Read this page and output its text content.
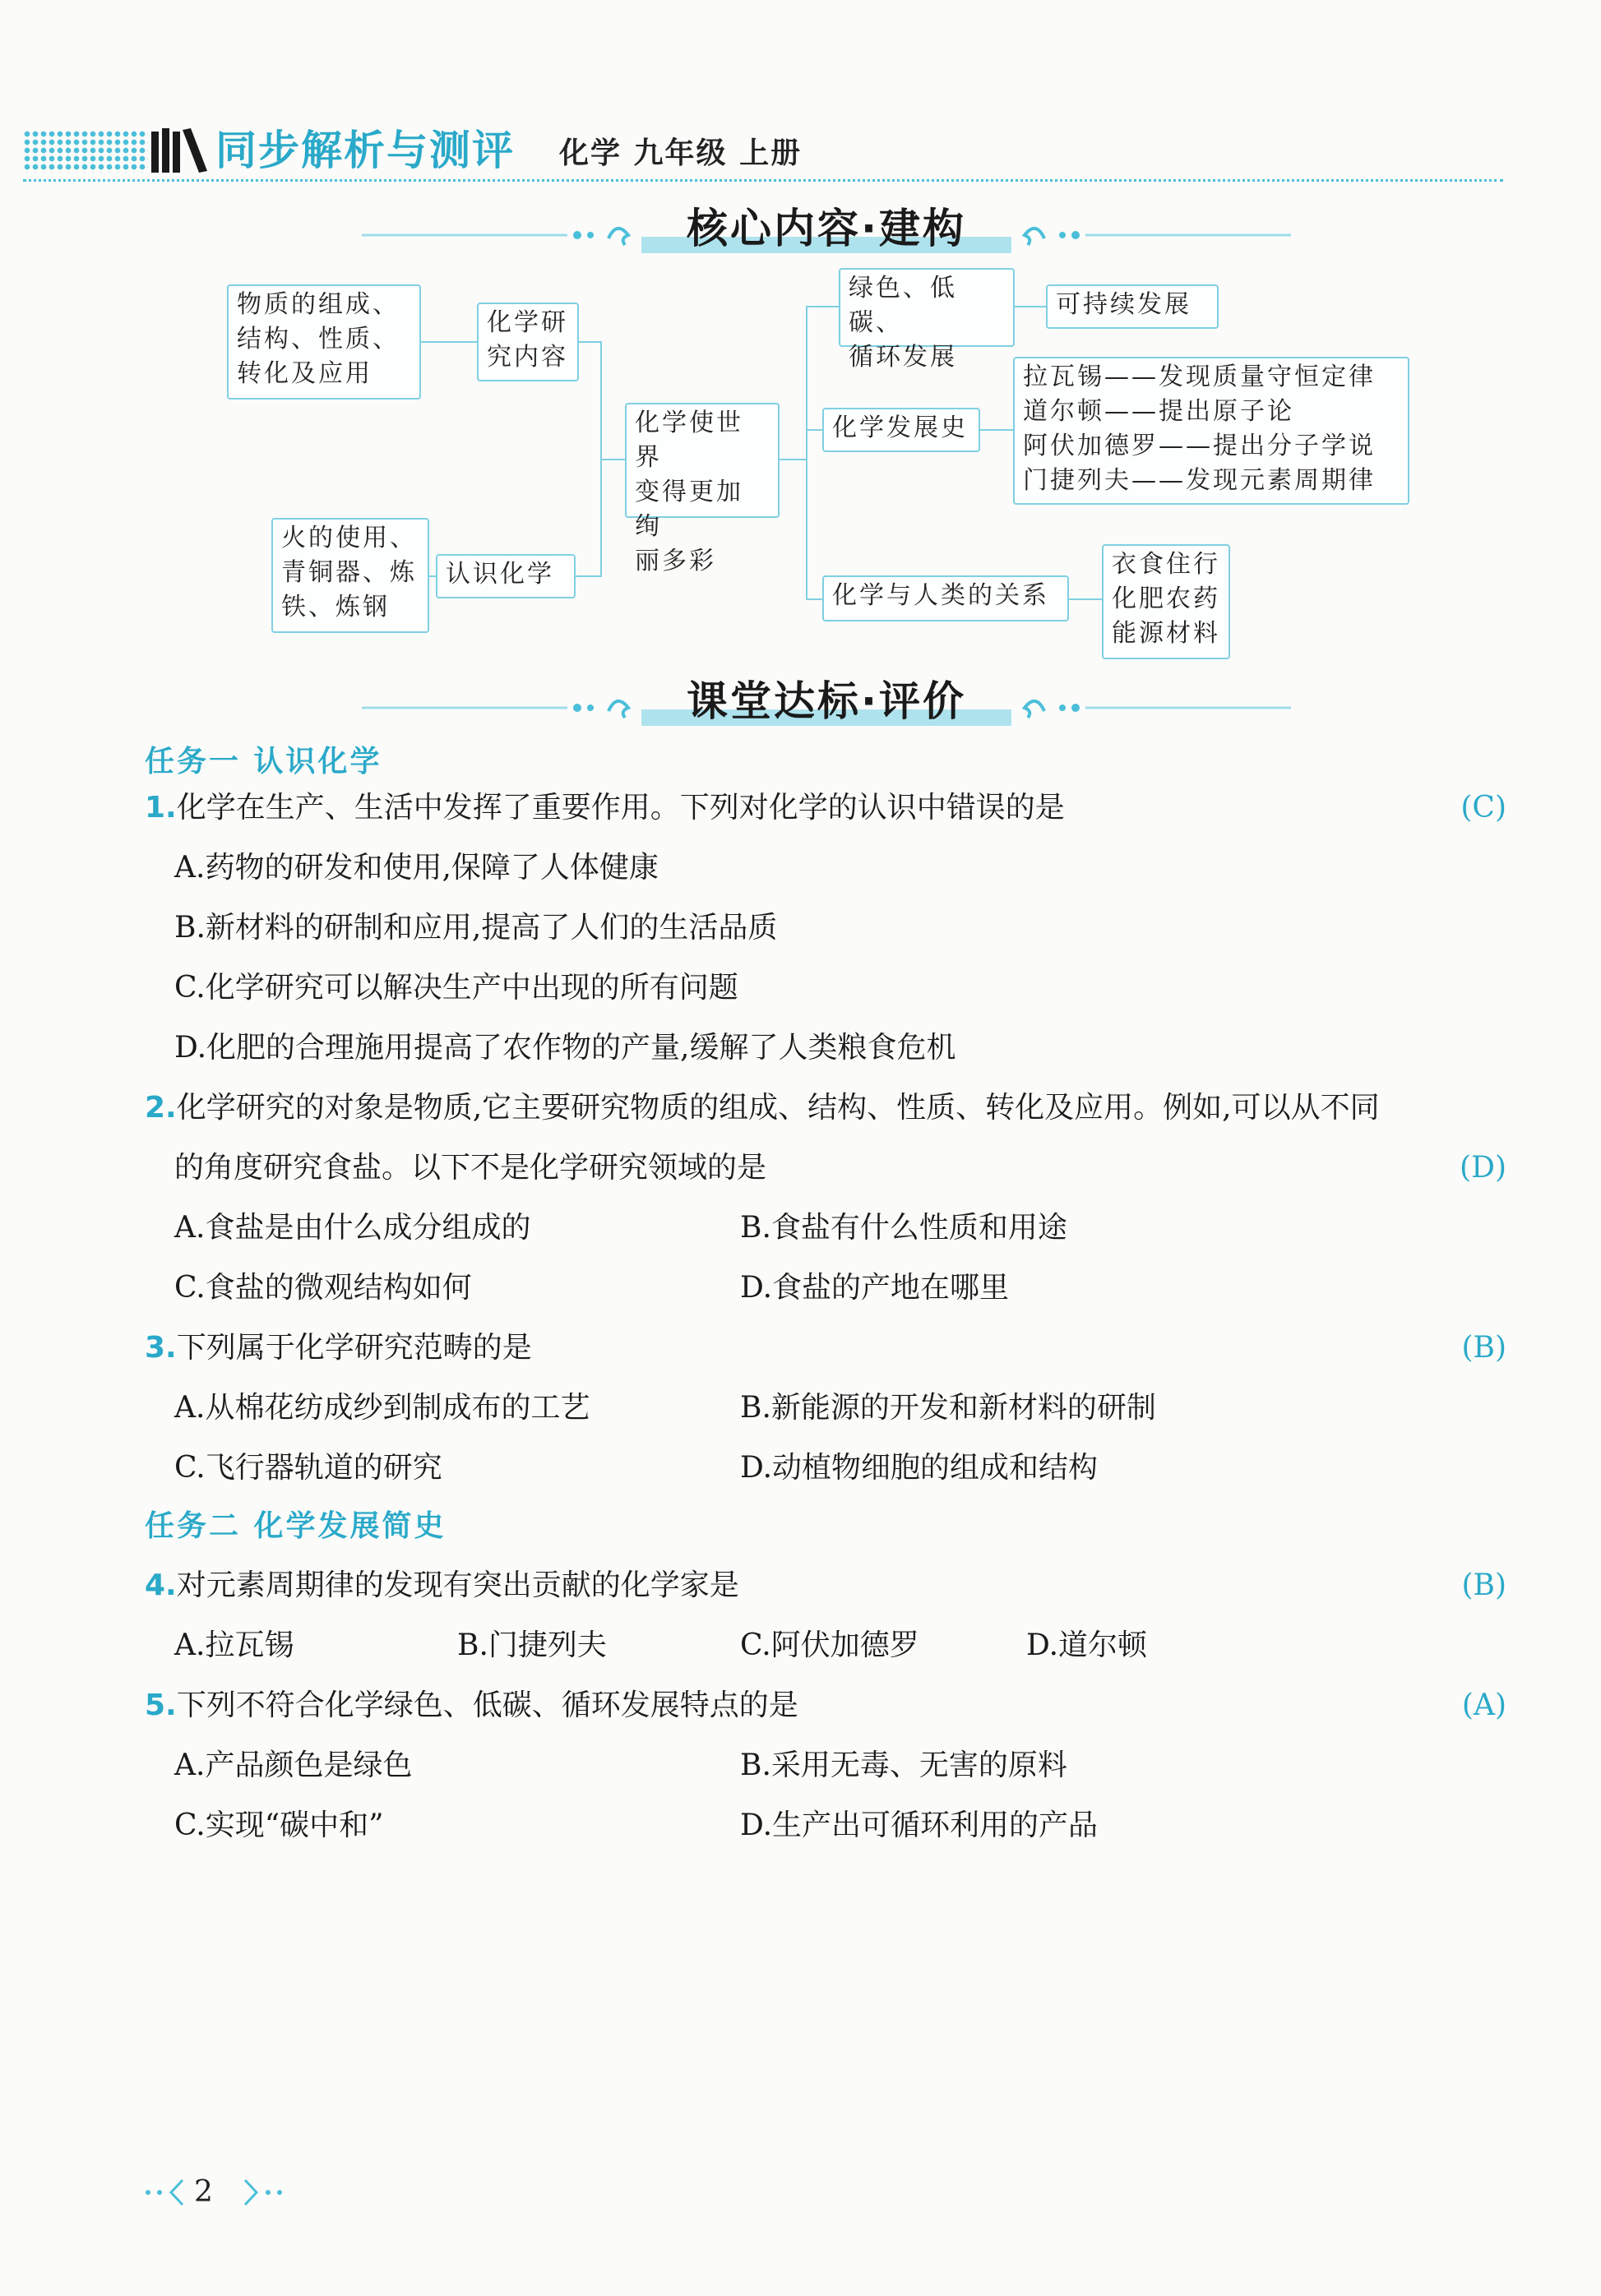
同步解析与测评 化学 九年级 上册
核心内容·建构
物质的组成、
结构、性质、
转化及应用
化学研
究内容
火的使用、
青铜器、炼
铁、炼钢
认识化学
化学使世界
变得更加绚
丽多彩
绿色、低碳、
循环发展
可持续发展
化学发展史
拉瓦锡——发现质量守恒定律
道尔顿——提出原子论
阿伏加德罗——提出分子学说
门捷列夫——发现元素周期律
化学与人类的关系
衣食住行
化肥农药
能源材料
课堂达标·评价
任务一 认识化学
1.化学在生产、生活中发挥了重要作用。下列对化学的认识中错误的是	(C)
A.药物的研发和使用,保障了人体健康
B.新材料的研制和应用,提高了人们的生活品质
C.化学研究可以解决生产中出现的所有问题
D.化肥的合理施用提高了农作物的产量,缓解了人类粮食危机
2.化学研究的对象是物质,它主要研究物质的组成、结构、性质、转化及应用。例如,可以从不同
的角度研究食盐。以下不是化学研究领域的是	(D)
A.食盐是由什么成分组成的	B.食盐有什么性质和用途
C.食盐的微观结构如何	D.食盐的产地在哪里
3.下列属于化学研究范畴的是	(B)
A.从棉花纺成纱到制成布的工艺	B.新能源的开发和新材料的研制
C.飞行器轨道的研究	D.动植物细胞的组成和结构
任务二 化学发展简史
4.对元素周期律的发现有突出贡献的化学家是	(B)
A.拉瓦锡	B.门捷列夫	C.阿伏加德罗	D.道尔顿
5.下列不符合化学绿色、低碳、循环发展特点的是	(A)
A.产品颜色是绿色	B.采用无毒、无害的原料
C.实现“碳中和”	D.生产出可循环利用的产品
2
